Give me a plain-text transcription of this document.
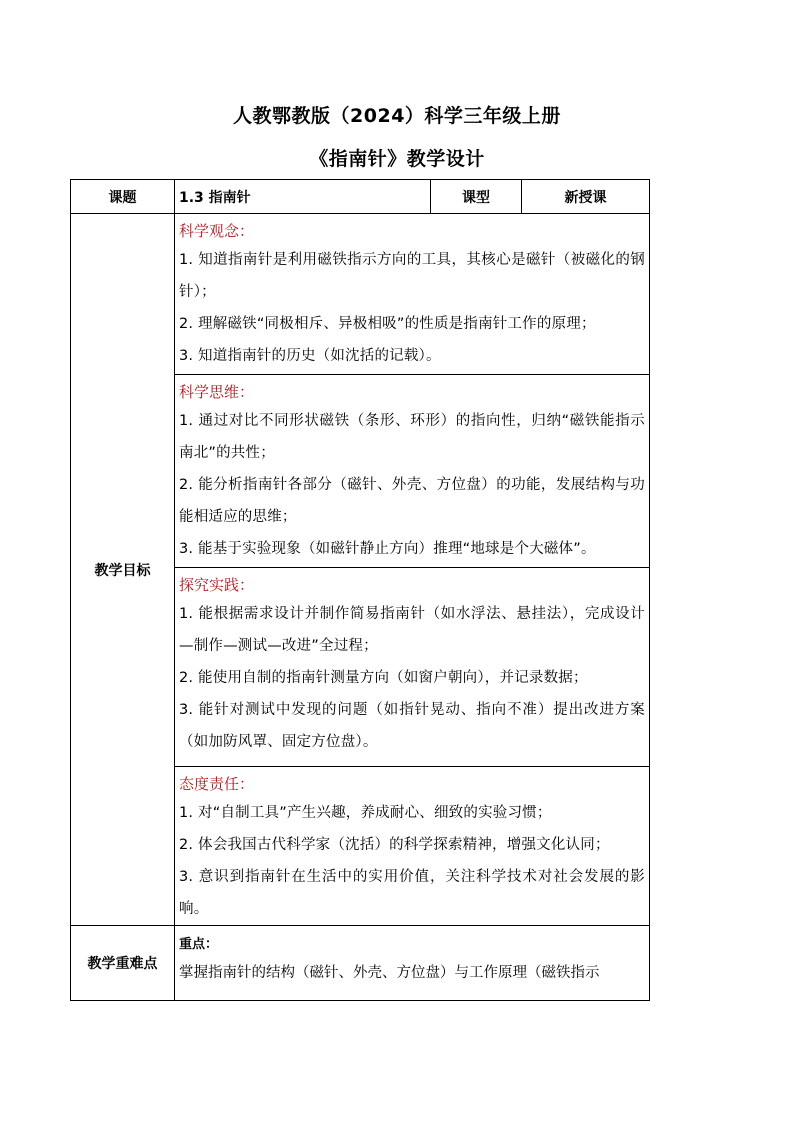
人教鄂教版（2024）科学三年级上册
《指南针》教学设计
课题	1.3 指南针	课型	新授课
教学目标	科学观念：
1. 知道指南针是利用磁铁指示方向的工具，其核心是磁针（被磁化的钢针）；
2. 理解磁铁“同极相斥、异极相吸”的性质是指南针工作的原理；
3. 知道指南针的历史（如沈括的记载）。		

	科学思维：
1. 通过对比不同形状磁铁（条形、环形）的指向性，归纳“磁铁能指示南北”的共性；
2. 能分析指南针各部分（磁针、外壳、方位盘）的功能，发展结构与功能相适应的思维；
3. 能基于实验现象（如磁针静止方向）推理“地球是个大磁体”。		

	探究实践：
1. 能根据需求设计并制作简易指南针（如水浮法、悬挂法），完成设计—制作—测试—改进”全过程；
2. 能使用自制的指南针测量方向（如窗户朝向），并记录数据；
3. 能针对测试中发现的问题（如指针晃动、指向不准）提出改进方案（如加防风罩、固定方位盘）。		

	态度责任：
1. 对“自制工具”产生兴趣，养成耐心、细致的实验习惯；
2. 体会我国古代科学家（沈括）的科学探索精神，增强文化认同；
3. 意识到指南针在生活中的实用价值，关注科学技术对社会发展的影响。		

教学重难点	重点：
掌握指南针的结构（磁针、外壳、方位盘）与工作原理（磁铁指示		
